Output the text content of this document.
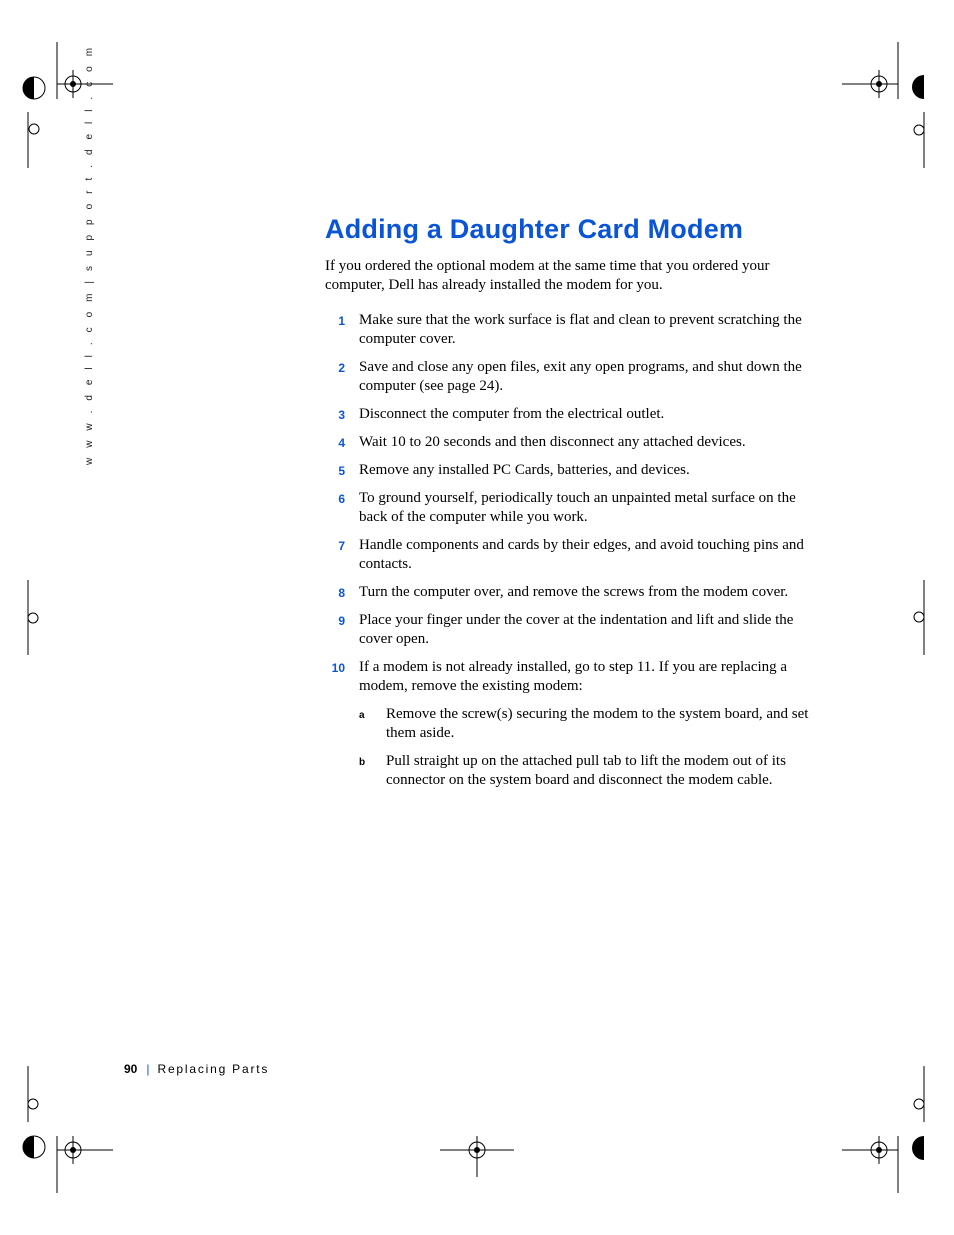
w w w . d e l l . c o m | s u p p o r t . d e l l . c o m	Adding a Daughter Card Modem

If you ordered the optional modem at the same time that you ordered your computer, Dell has already installed the modem for you.

1 Make sure that the work surface is flat and clean to prevent scratching the computer cover.
2 Save and close any open files, exit any open programs, and shut down the computer (see page 24).
3 Disconnect the computer from the electrical outlet.
4 Wait 10 to 20 seconds and then disconnect any attached devices.
5 Remove any installed PC Cards, batteries, and devices.
6 To ground yourself, periodically touch an unpainted metal surface on the back of the computer while you work.
7 Handle components and cards by their edges, and avoid touching pins and contacts.
8 Turn the computer over, and remove the screws from the modem cover.
9 Place your finger under the cover at the indentation and lift and slide the cover open.
10 If a modem is not already installed, go to step 11. If you are replacing a modem, remove the existing modem:
a Remove the screw(s) securing the modem to the system board, and set them aside.
b Pull straight up on the attached pull tab to lift the modem out of its connector on the system board and disconnect the modem cable.
90 | Replacing Parts
